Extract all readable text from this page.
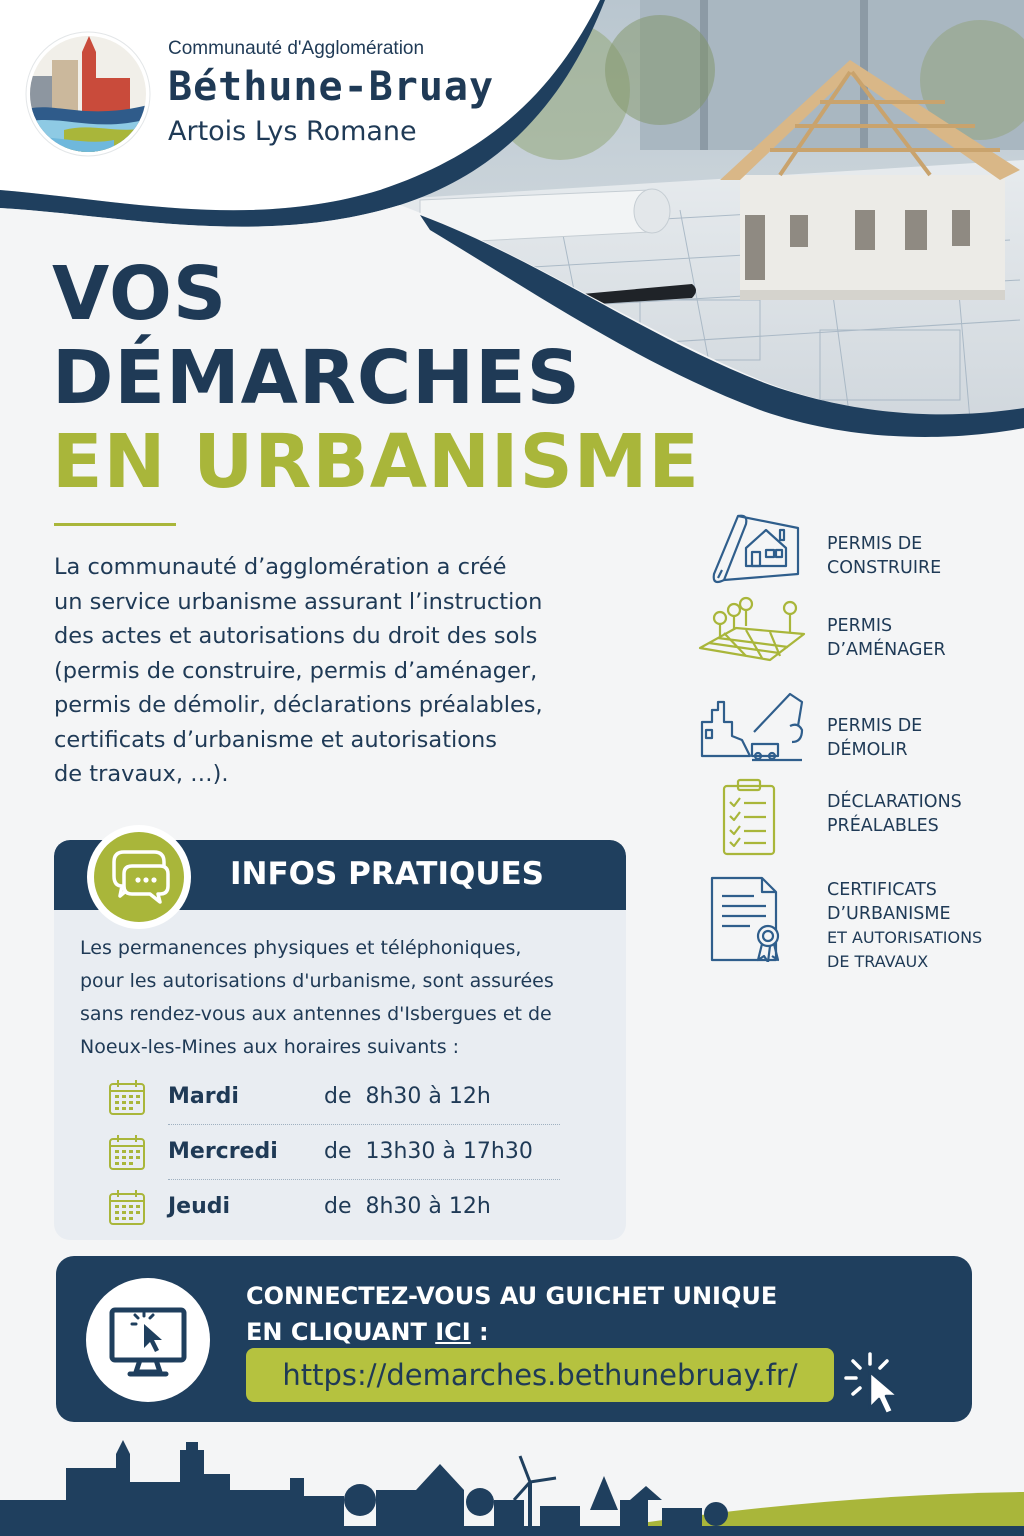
Communauté d'Agglomération
Béthune-Bruay
Artois Lys Romane
VOS
DÉMARCHES
EN URBANISME
La communauté d’agglomération a créé
un service urbanisme assurant l’instruction
des actes et autorisations du droit des sols
(permis de construire, permis d’aménager,
permis de démolir, déclarations préalables,
certificats d’urbanisme et autorisations
de travaux, …).
PERMIS DE
CONSTRUIRE
PERMIS
D’AMÉNAGER
PERMIS DE
DÉMOLIR
DÉCLARATIONS
PRÉALABLES
CERTIFICATS
D’URBANISME
ET AUTORISATIONS
DE TRAVAUX
INFOS PRATIQUES
Les permanences physiques et téléphoniques,
pour les autorisations d'urbanisme, sont assurées
sans rendez-vous aux antennes d'Isbergues et de
Noeux-les-Mines aux horaires suivants :
Mardi	de  8h30 à 12h
Mercredi de  13h30 à 17h30
Jeudi	de  8h30 à 12h
CONNECTEZ-VOUS AU GUICHET UNIQUE
EN CLIQUANT ICI :
https://demarches.bethunebruay.fr/
